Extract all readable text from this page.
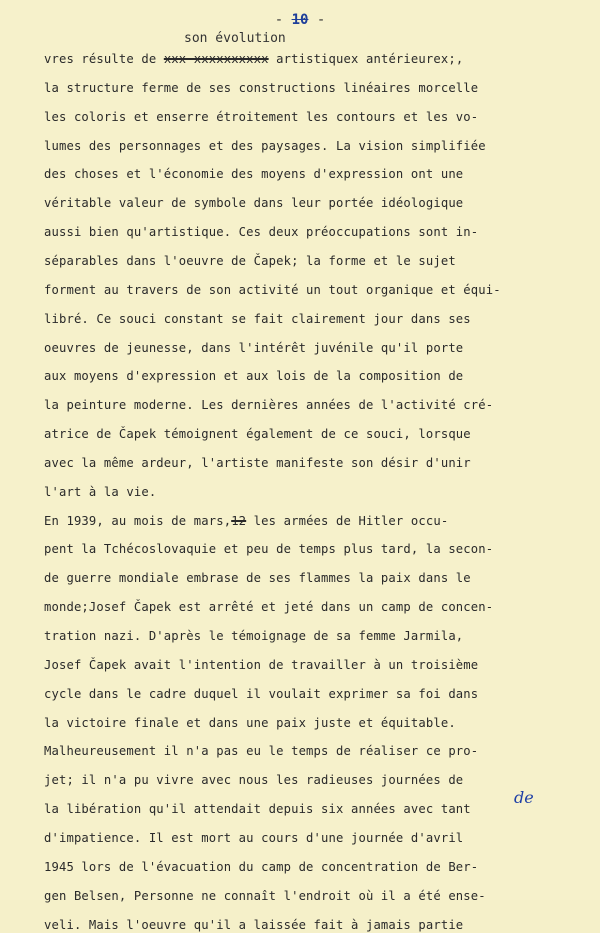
- 10 -
son évolution
vres résulte de xxx xxxxxxxxxx artistiquex antérieurex;,
la structure ferme de ses constructions linéaires morcelle
les coloris et enserre étroitement les contours et les vo-
lumes des personnages et des paysages. La vision simplifiée
des choses et l'économie des moyens d'expression ont une
véritable valeur de symbole dans leur portée idéologique
aussi bien qu'artistique. Ces deux préoccupations sont in-
séparables dans l'oeuvre de Čapek; la forme et le sujet
forment au travers de son activité un tout organique et équi-
libré. Ce souci constant se fait clairement jour dans ses
oeuvres de jeunesse, dans l'intérêt juvénile qu'il porte
aux moyens d'expression et aux lois de la composition de
la peinture moderne. Les dernières années de l'activité cré-
atrice de Čapek témoignent également de ce souci, lorsque
avec la même ardeur, l'artiste manifeste son désir d'unir
l'art à la vie.
En 1939, au mois de mars,12 les armées de Hitler occu-
pent la Tchécoslovaquie et peu de temps plus tard, la secon-
de guerre mondiale embrase de ses flammes la paix dans le
monde;Josef Čapek est arrêté et jeté dans un camp de concen-
tration nazi. D'après le témoignage de sa femme Jarmila,
Josef Čapek avait l'intention de travailler à un troisième
cycle dans le cadre duquel il voulait exprimer sa foi dans
la victoire finale et dans une paix juste et équitable.
Malheureusement il n'a pas eu le temps de réaliser ce pro-
jet; il n'a pu vivre avec nous les radieuses journées de
la libération qu'il attendait depuis six années avec tant
d'impatience. Il est mort au cours d'une journée d'avril
1945 lors de l'évacuation du camp de concentration de Ber-
gen Belsen, Personne ne connaît l'endroit où il a été ense-
veli. Mais l'oeuvre qu'il a laissée fait à jamais partie
de
